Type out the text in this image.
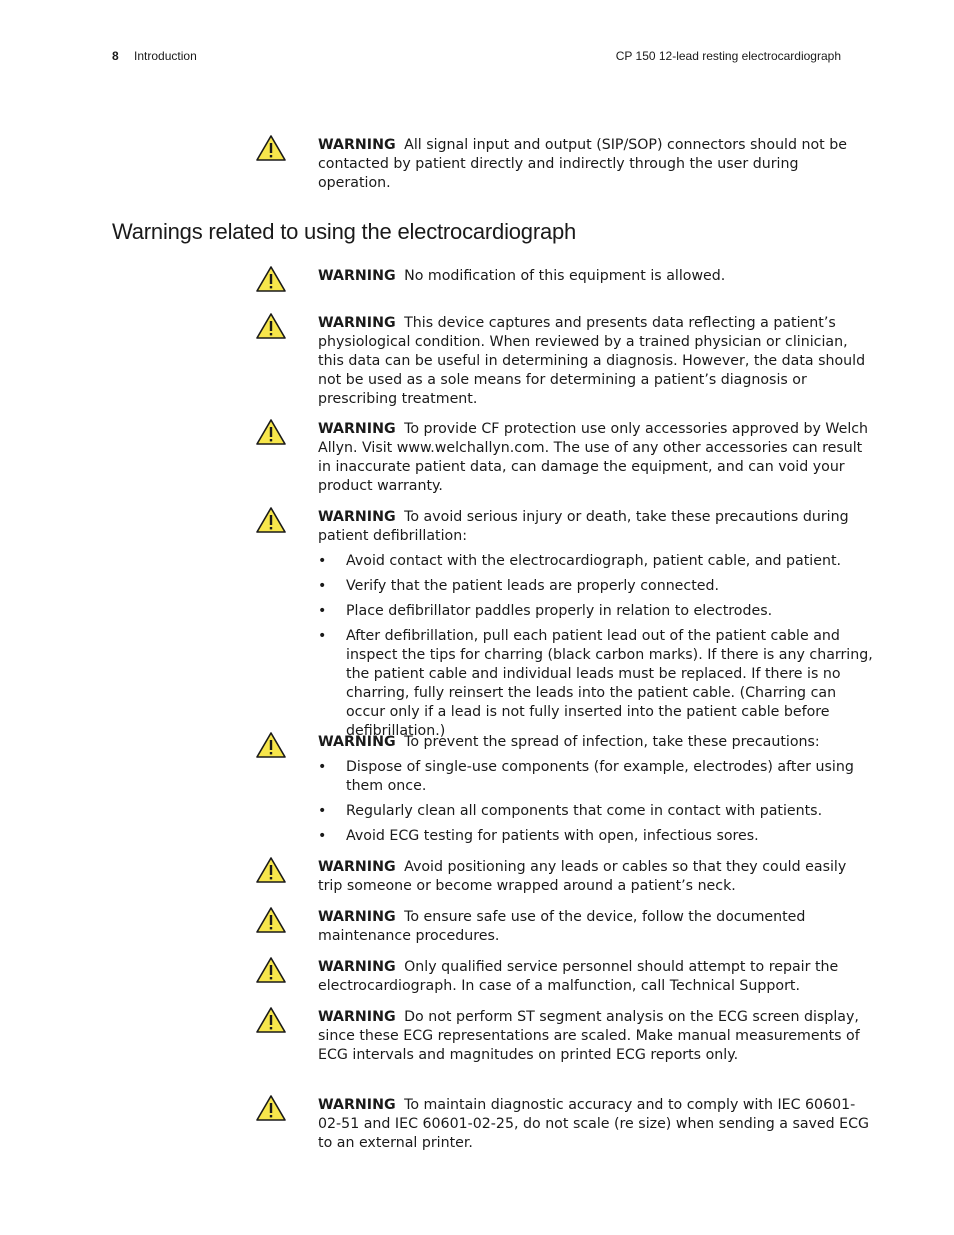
8 Introduction	CP 150 12-lead resting electrocardiograph
Warnings related to using the electrocardiograph
WARNING All signal input and output (SIP/SOP) connectors should not be contacted by patient directly and indirectly through the user during operation.
WARNING No modification of this equipment is allowed.
WARNING This device captures and presents data reflecting a patient’s physiological condition. When reviewed by a trained physician or clinician, this data can be useful in determining a diagnosis. However, the data should not be used as a sole means for determining a patient’s diagnosis or prescribing treatment.
WARNING To provide CF protection use only accessories approved by Welch Allyn. Visit www.welchallyn.com. The use of any other accessories can result in inaccurate patient data, can damage the equipment, and can void your product warranty.
WARNING To avoid serious injury or death, take these precautions during patient defibrillation:
• Avoid contact with the electrocardiograph, patient cable, and patient.
• Verify that the patient leads are properly connected.
• Place defibrillator paddles properly in relation to electrodes.
• After defibrillation, pull each patient lead out of the patient cable and inspect the tips for charring (black carbon marks). If there is any charring, the patient cable and individual leads must be replaced. If there is no charring, fully reinsert the leads into the patient cable. (Charring can occur only if a lead is not fully inserted into the patient cable before defibrillation.)
WARNING To prevent the spread of infection, take these precautions:
• Dispose of single-use components (for example, electrodes) after using them once.
• Regularly clean all components that come in contact with patients.
• Avoid ECG testing for patients with open, infectious sores.
WARNING Avoid positioning any leads or cables so that they could easily trip someone or become wrapped around a patient’s neck.
WARNING To ensure safe use of the device, follow the documented maintenance procedures.
WARNING Only qualified service personnel should attempt to repair the electrocardiograph. In case of a malfunction, call Technical Support.
WARNING Do not perform ST segment analysis on the ECG screen display, since these ECG representations are scaled. Make manual measurements of ECG intervals and magnitudes on printed ECG reports only.
WARNING To maintain diagnostic accuracy and to comply with IEC 60601-02-51 and IEC 60601-02-25, do not scale (re size) when sending a saved ECG to an external printer.
